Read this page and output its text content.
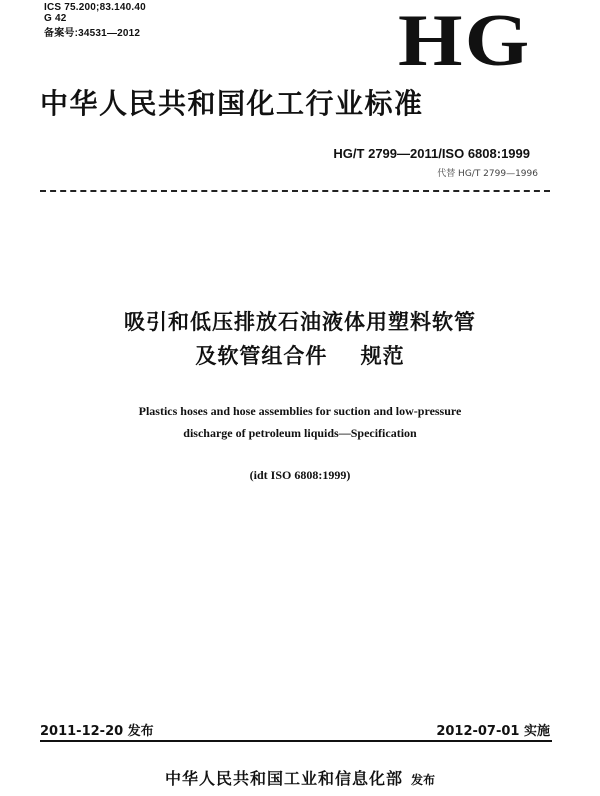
ICS 75.200;83.140.40
G 42
备案号:34531—2012	HG
中华人民共和国化工行业标准
HG/T 2799—2011/ISO 6808:1999
代替 HG/T 2799—1996
吸引和低压排放石油液体用塑料软管
及软管组合件    规范
Plastics hoses and hose assemblies for suction and low-pressure
discharge of petroleum liquids—Specification
(idt ISO 6808:1999)
2011-12-20 发布	2012-07-01 实施
中华人民共和国工业和信息化部 发布
